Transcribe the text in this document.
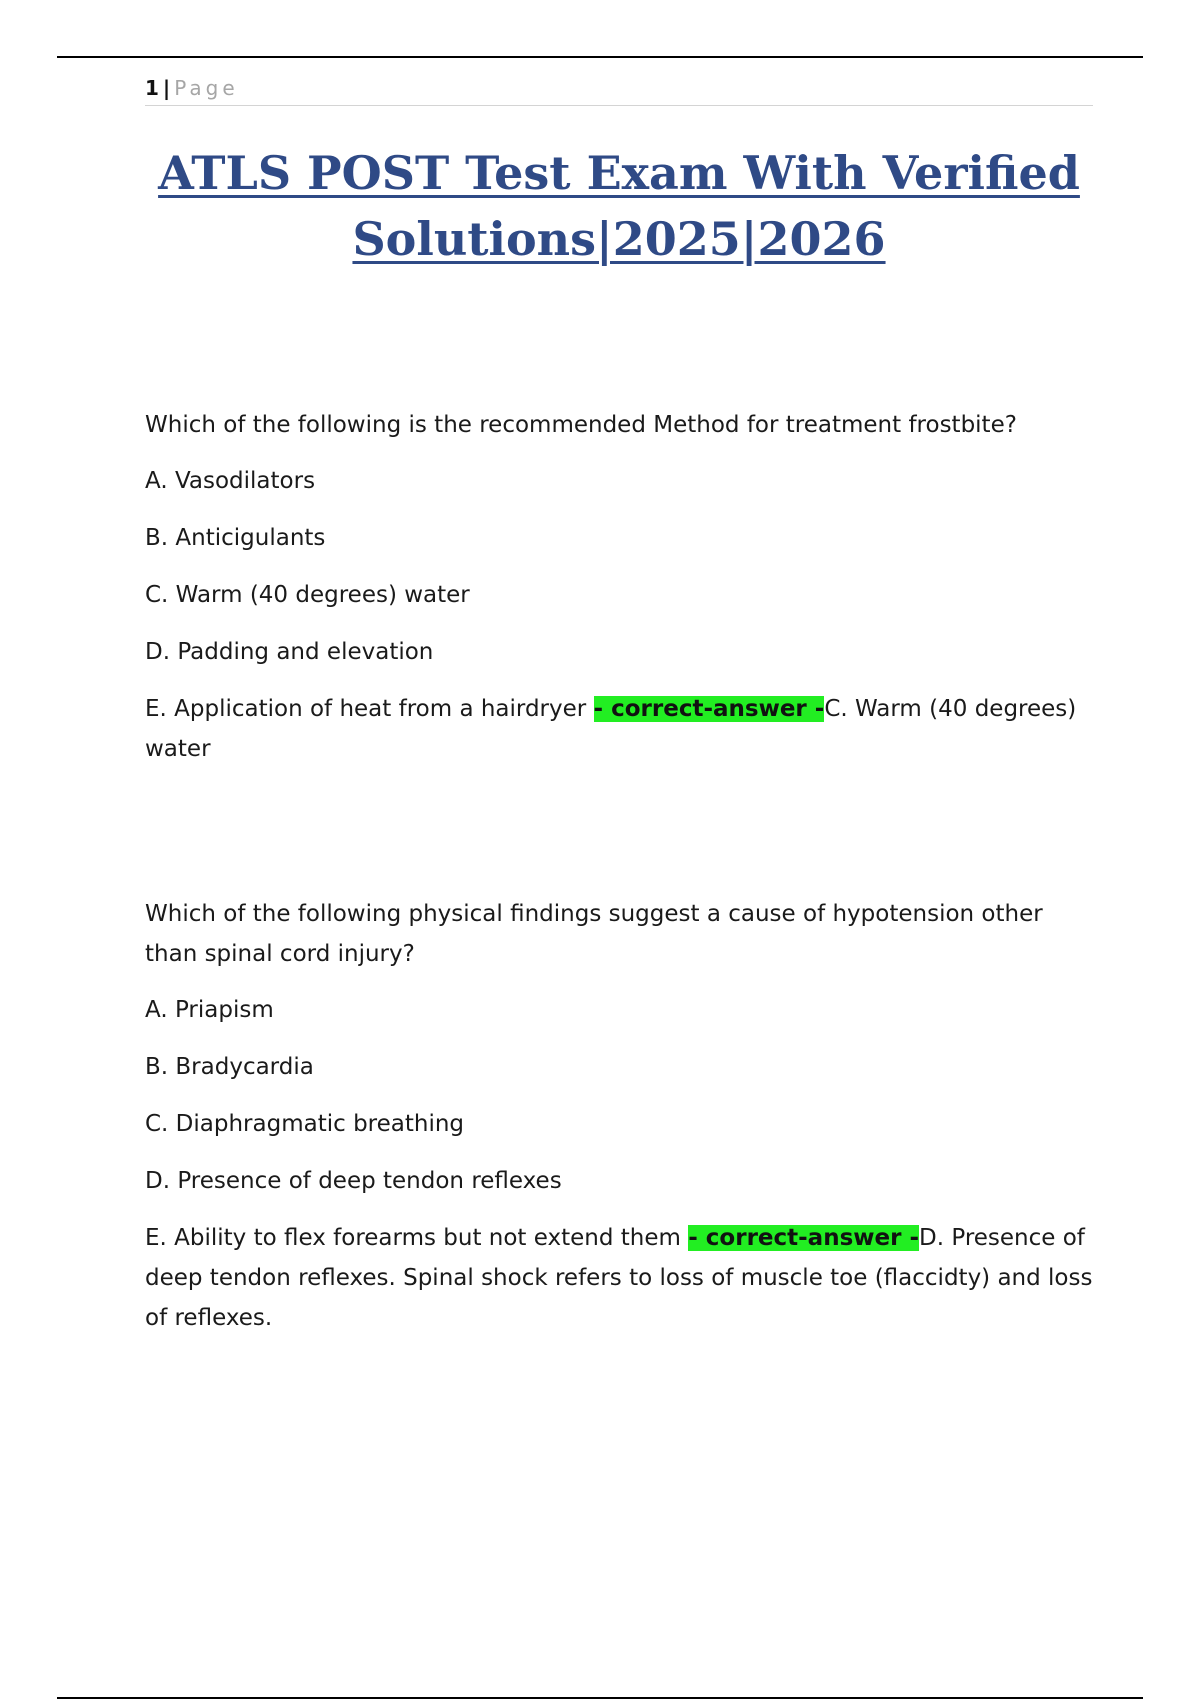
1 | Page
ATLS POST Test Exam With Verified
Solutions|2025|2026

Which of the following is the recommended Method for treatment frostbite?

A. Vasodilators

B. Anticigulants

C. Warm (40 degrees) water

D. Padding and elevation

E. Application of heat from a hairdryer - correct-answer -C. Warm (40 degrees) water

Which of the following physical findings suggest a cause of hypotension other than spinal cord injury?

A. Priapism

B. Bradycardia

C. Diaphragmatic breathing

D. Presence of deep tendon reflexes

E. Ability to flex forearms but not extend them - correct-answer -D. Presence of deep tendon reflexes. Spinal shock refers to loss of muscle toe (flaccidty) and loss of reflexes.
